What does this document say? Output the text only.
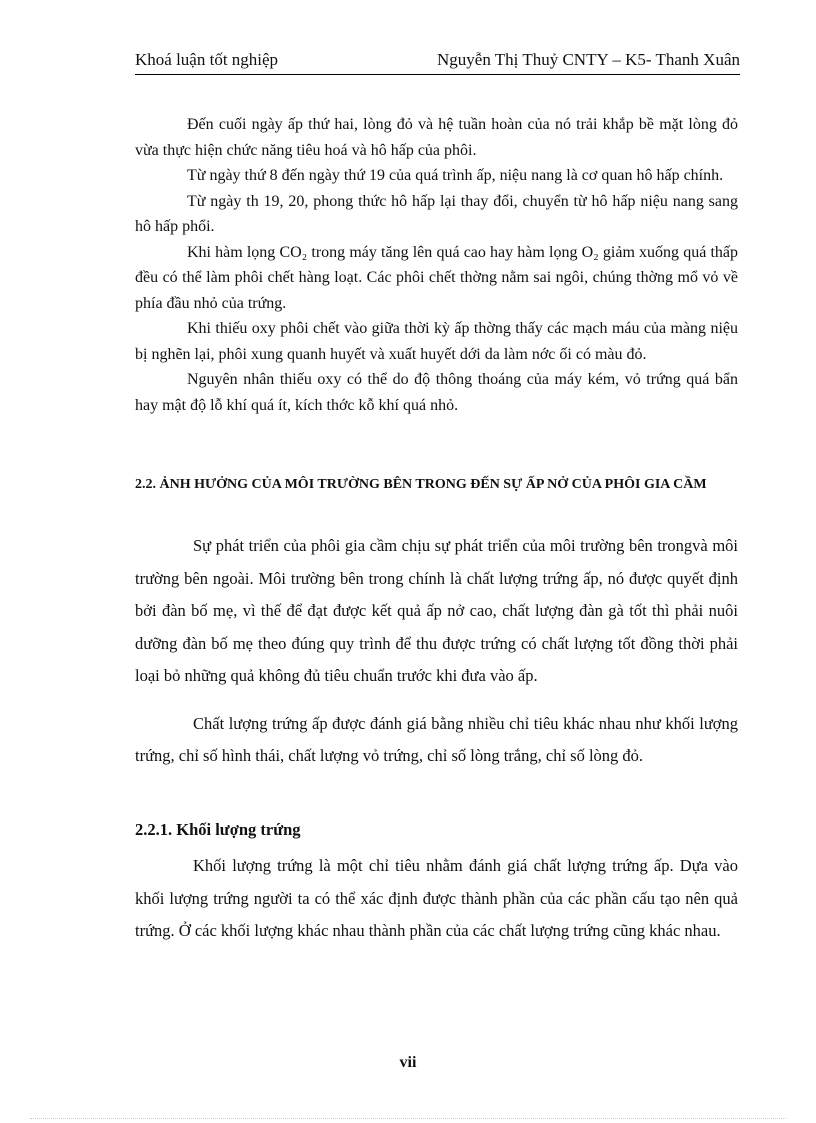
Khoá luận tốt nghiệp	Nguyễn Thị Thuỷ CNTY – K5- Thanh Xuân

Đến cuối ngày ấp thứ hai, lòng đỏ và hệ tuần hoàn của nó trải khắp bề mặt lòng đỏ vừa thực hiện chức năng tiêu hoá và hô hấp của phôi.

Từ ngày thứ 8 đến ngày thứ 19 của quá trình ấp, niệu nang là cơ quan hô hấp chính.

Từ ngày th 19, 20, phong thức hô hấp lại thay đổi, chuyển từ hô hấp niệu nang sang hô hấp phổi.

Khi hàm lọng CO₂ trong máy tăng lên quá cao hay hàm lọng O₂ giảm xuống quá thấp đều có thể làm phôi chết hàng loạt. Các phôi chết thờng nằm sai ngôi, chúng thờng mổ vỏ về phía đầu nhỏ của trứng.

Khi thiếu oxy phôi chết vào giữa thời kỳ ấp thờng thấy các mạch máu của màng niệu bị nghẽn lại, phôi xung quanh huyết và xuất huyết dới da làm nớc ối có màu đỏ.

Nguyên nhân thiếu oxy có thể do độ thông thoáng của máy kém, vỏ trứng quá bẩn hay mật độ lỗ khí quá ít, kích thớc kỗ khí quá nhỏ.

2.2. ẢNH HƯỞNG CỦA MÔI TRƯỜNG BÊN TRONG ĐẾN SỰ ẤP NỞ CỦA PHÔI GIA CẦM

Sự phát triển của phôi gia cầm chịu sự phát triển của môi trường bên trongvà môi trường bên ngoài. Môi trường bên trong chính là chất lượng trứng ấp, nó được quyết định bởi đàn bố mẹ, vì thế để đạt được kết quả ấp nở cao, chất lượng đàn gà tốt thì phải nuôi dưỡng đàn bố mẹ theo đúng quy trình để thu được trứng có chất lượng tốt đồng thời phải loại bỏ những quả không đủ tiêu chuẩn trước khi đưa vào ấp.

Chất lượng trứng ấp được đánh giá bằng nhiều chỉ tiêu khác nhau như khối lượng trứng, chỉ số hình thái, chất lượng vỏ trứng, chỉ số lòng trắng, chỉ số lòng đỏ.

2.2.1. Khối lượng trứng

Khối lượng trứng là một chỉ tiêu nhằm đánh giá chất lượng trứng ấp. Dựa vào khối lượng trứng người ta có thể xác định được thành phần của các phần cấu tạo nên quả trứng. Ở các khối lượng khác nhau thành phần của các chất lượng trứng cũng khác nhau.

vii
